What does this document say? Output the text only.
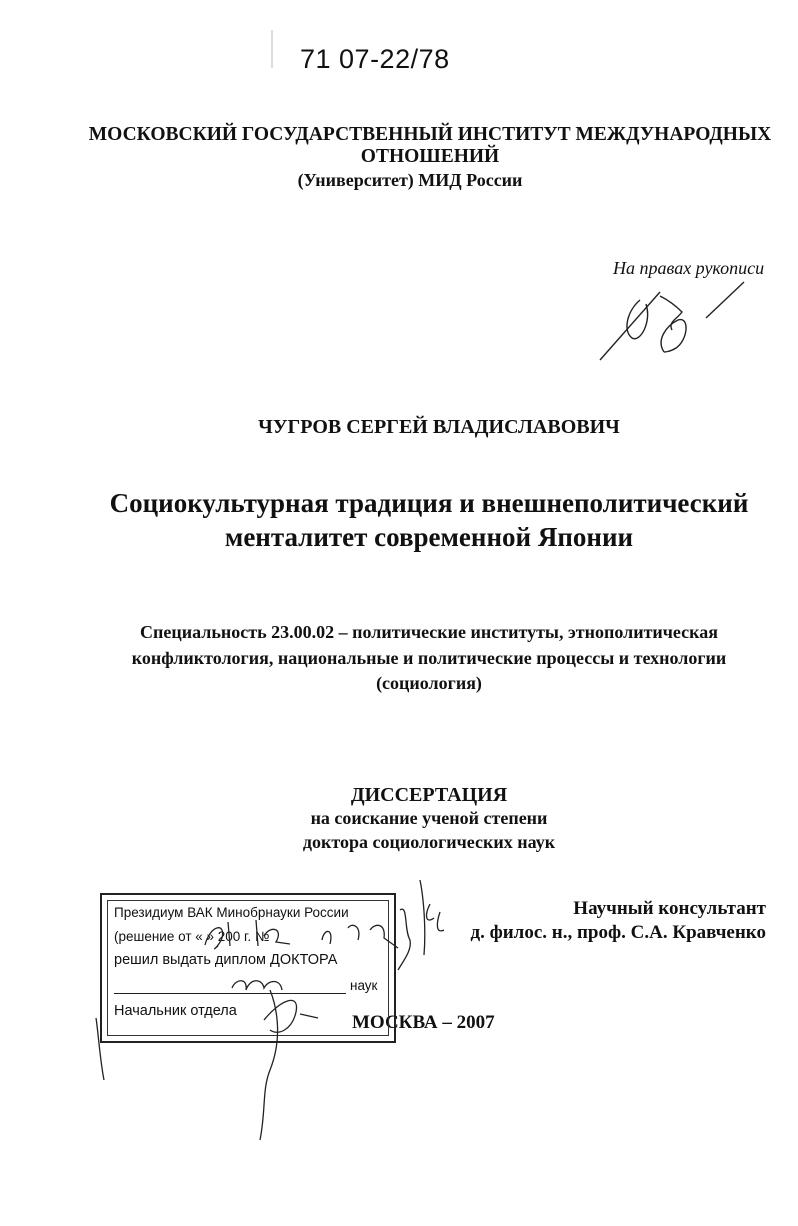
71 07-22/78
МОСКОВСКИЙ ГОСУДАРСТВЕННЫЙ ИНСТИТУТ МЕЖДУНАРОДНЫХ
ОТНОШЕНИЙ
(Университет) МИД России
На правах рукописи
ЧУГРОВ СЕРГЕЙ ВЛАДИСЛАВОВИЧ
Социокультурная традиция и внешнеполитический
менталитет современной Японии
Специальность 23.00.02 – политические институты, этнополитическая
конфликтология, национальные и политические процессы и технологии
(социология)
ДИССЕРТАЦИЯ
на соискание ученой степени
доктора социологических наук
Научный консультант
д. филос. н., проф. С.А. Кравченко
МОСКВА – 2007
Президиум ВАК Минобрнауки России
(решение от « » 200 г. №
решил выдать диплом ДОКТОРА
наук
Начальник отдела
